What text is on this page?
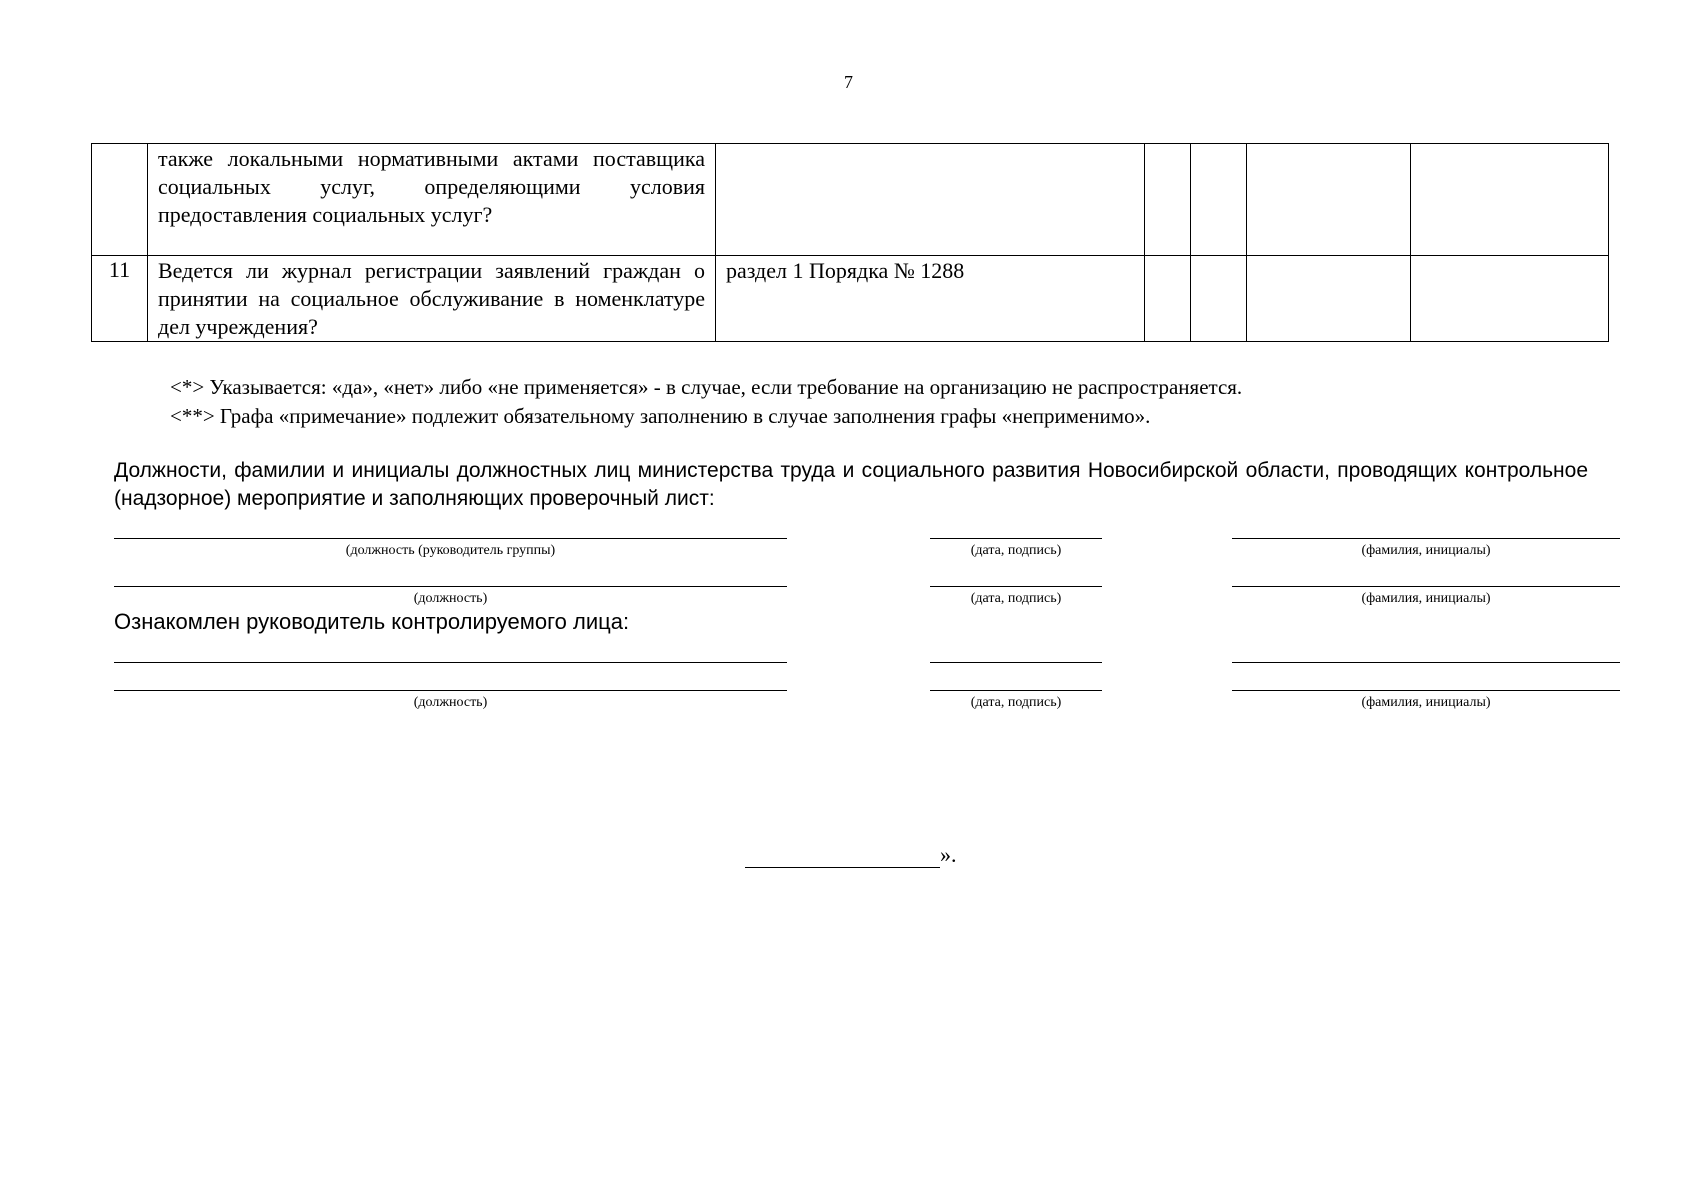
7
	также локальными нормативными актами поставщика социальных услуг, определяющими условия предоставления социальных услуг?					
11	Ведется ли журнал регистрации заявлений граждан о принятии на социальное обслуживание в номенклатуре дел учреждения?	раздел 1 Порядка № 1288				
<*> Указывается: «да», «нет» либо «не применяется» - в случае, если требование на организацию не распространяется.
<**> Графа «примечание» подлежит обязательному заполнению в случае заполнения графы «неприменимо».
Должности, фамилии и инициалы должностных лиц министерства труда и социального развития Новосибирской области, проводящих контрольное (надзорное) мероприятие и заполняющих проверочный лист:
(должность (руководитель группы)	(дата, подпись)	(фамилия, инициалы)
(должность)	(дата, подпись)	(фамилия, инициалы)
Ознакомлен руководитель контролируемого лица:
(должность)	(дата, подпись)	(фамилия, инициалы)
».
